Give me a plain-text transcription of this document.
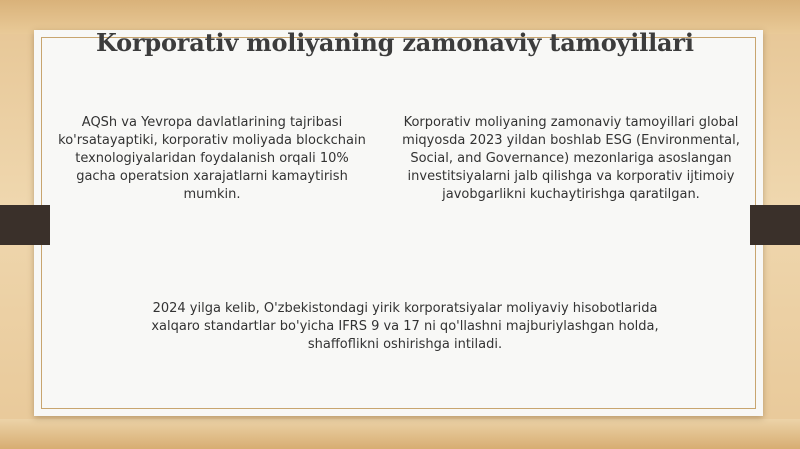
Korporativ moliyaning zamonaviy tamoyillari
AQSh va Yevropa davlatlarining tajribasi ko'rsatayaptiki, korporativ moliyada blockchain texnologiyalaridan foydalanish orqali 10% gacha operatsion xarajatlarni kamaytirish mumkin.
Korporativ moliyaning zamonaviy tamoyillari global miqyosda 2023 yildan boshlab ESG (Environmental, Social, and Governance) mezonlariga asoslangan investitsiyalarni jalb qilishga va korporativ ijtimoiy javobgarlikni kuchaytirishga qaratilgan.
2024 yilga kelib, O'zbekistondagi yirik korporatsiyalar moliyaviy hisobotlarida xalqaro standartlar bo'yicha IFRS 9 va 17 ni qo'llashni majburiylashgan holda, shaffoflikni oshirishga intiladi.
